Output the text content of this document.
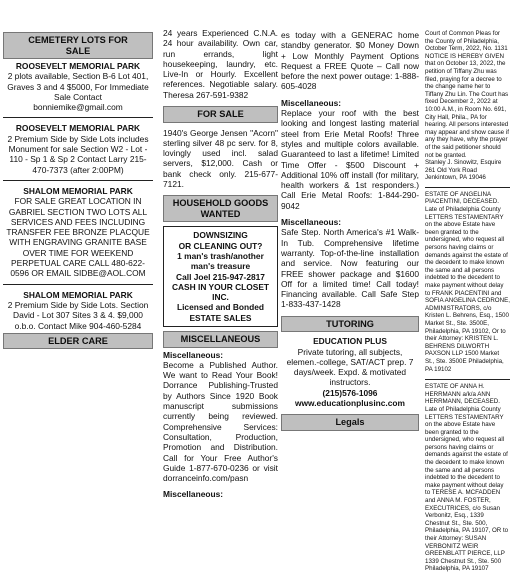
CEMETERY LOTS FOR
SALE
ROOSEVELT MEMORIAL PARK
2 plots available, Section B-6 Lot 401, Graves 3 and 4 $5000, For Immediate Sale Contact
bonniemike@gmail.com
ROOSEVELT MEMORIAL PARK
2 Premium Side by Side Lots includes Monument for sale Section W2 - Lot - 110 - Sp 1 & Sp 2 Contact Larry 215-470-7373 (after 2:00PM)
SHALOM MEMORIAL PARK
FOR SALE GREAT LOCATION IN GABRIEL SECTION TWO LOTS ALL SERVICES AND FEES INCLUDING TRANSFER FEE BRONZE PLACQUE WITH ENGRAVING GRANITE BASE OVER TIME FOR WEEKEND PERPETUAL CARE CALL 480-622-0596 OR EMAIL SIDBE@AOL.COM
SHALOM MEMORIAL PARK
2 Premium Side by Side Lots. Section David - Lot 307 Sites 3 & 4. $9,000 o.b.o. Contact Mike 904-460-5284
ELDER CARE

24 years Experienced C.N.A. 24 hour availability. Own car, run errands, light housekeeping, laundry, etc. Live-In or Hourly. Excellent references. Negotiable salary. Theresa 267-591-9382

FOR SALE

1940's George Jensen "Acorn" sterling silver 48 pc serv. for 8, lovingly used incl. salad servers, $12,000. Cash or bank check only. 215-677-7121.

HOUSEHOLD GOODS
WANTED
DOWNSIZING
OR CLEANING OUT?
1 man's trash/another man's treasure
Call Joel 215-947-2817
CASH IN YOUR CLOSET INC.
Licensed and Bonded ESTATE SALES
MISCELLANEOUS
Miscellaneous:

Become a Published Author. We want to Read Your Book! Dorrance Publishing-Trusted by Authors Since 1920 Book manuscript submissions currently being reviewed. Comprehensive Services: Consultation, Production, Promotion and Distribution. Call for Your Free Author's Guide 1-877-670-0236 or visit dorranceinfo.com/pasn

Miscellaneous:

es today with a GENERAC home standby generator. $0 Money Down + Low Monthly Payment Options Request a FREE Quote – Call now before the next power outage: 1-888-605-4028

Miscellaneous:

Replace your roof with the best looking and longest lasting material steel from Erie Metal Roofs! Three styles and multiple colors available. Guaranteed to last a lifetime! Limited Time Offer - $500 Discount + Additional 10% off install (for military, health workers & 1st responders.) Call Erie Metal Roofs: 1-844-290-9042

Miscellaneous:

Safe Step. North America's #1 Walk-In Tub. Comprehensive lifetime warranty. Top-of-the-line installation and service. Now featuring our FREE shower package and $1600 Off for a limited time! Call today! Financing available. Call Safe Step 1-833-437-1428

TUTORING
EDUCATION PLUS
Private tutoring, all subjects, elemen.-college, SAT/ACT prep. 7 days/week. Expd. & motivated instructors.

(215)576-1096
www.educationplusinc.com
Legals

Court of Common Pleas for the County of Philadelphia, October Term, 2022, No. 1131 NOTICE IS HEREBY GIVEN that on October 13, 2022, the petition of Tiffany Zhu was filed, praying for a decree to the change name her to Tiffany Zhu Lin. The Court has fixed December 2, 2022 at 10:00 A.M., in Room No. 691, City Hall, Phila., PA for hearing. All persons interested may appear and show cause if any they have, why the prayer of the said petitioner should not be granted.

Stanley J. Sinowitz, Esquire
261 Old York Road
Jenkintown, PA 19046

ESTATE OF ANGELINA PIACENTINI, DECEASED. Late of Philadelphia County LETTERS TESTAMENTARY on the above Estate have been granted to the undersigned, who request all persons having claims or demands against the estate of the decedent to make known the same and all persons indebted to the decedent to make payment without delay to FRANK PIACENTINI and SOFIA ANGELINA CEDRONE, ADMINISTRATORS, c/o Kristen L. Behrens, Esq., 1500 Market St., Ste. 3500E, Philadelphia, PA 19102, Or to their Attorney: KRISTEN L. BEHRENS DILWORTH PAXSON LLP 1500 Market St., Ste. 3500E Philadelphia, PA 19102

ESTATE OF ANNA H. HERRMANN a/k/a ANN HERRMANN, DECEASED. Late of Philadelphia County LETTERS TESTAMENTARY on the above Estate have been granted to the undersigned, who request all persons having claims or demands against the estate of the decedent to make known the same and all persons indebted to the decedent to make payment without delay to TERESE A. MCFADDEN and ANNA M. FOSTER, EXECUTRICES, c/o Susan Verbonitz, Esq., 1339 Chestnut St., Ste. 500, Philadelphia, PA 19107, OR to their Attorney: SUSAN VERBONITZ WEIR GREENBLATT PIERCE, LLP 1339 Chestnut St., Ste. 500 Philadelphia, PA 19107
